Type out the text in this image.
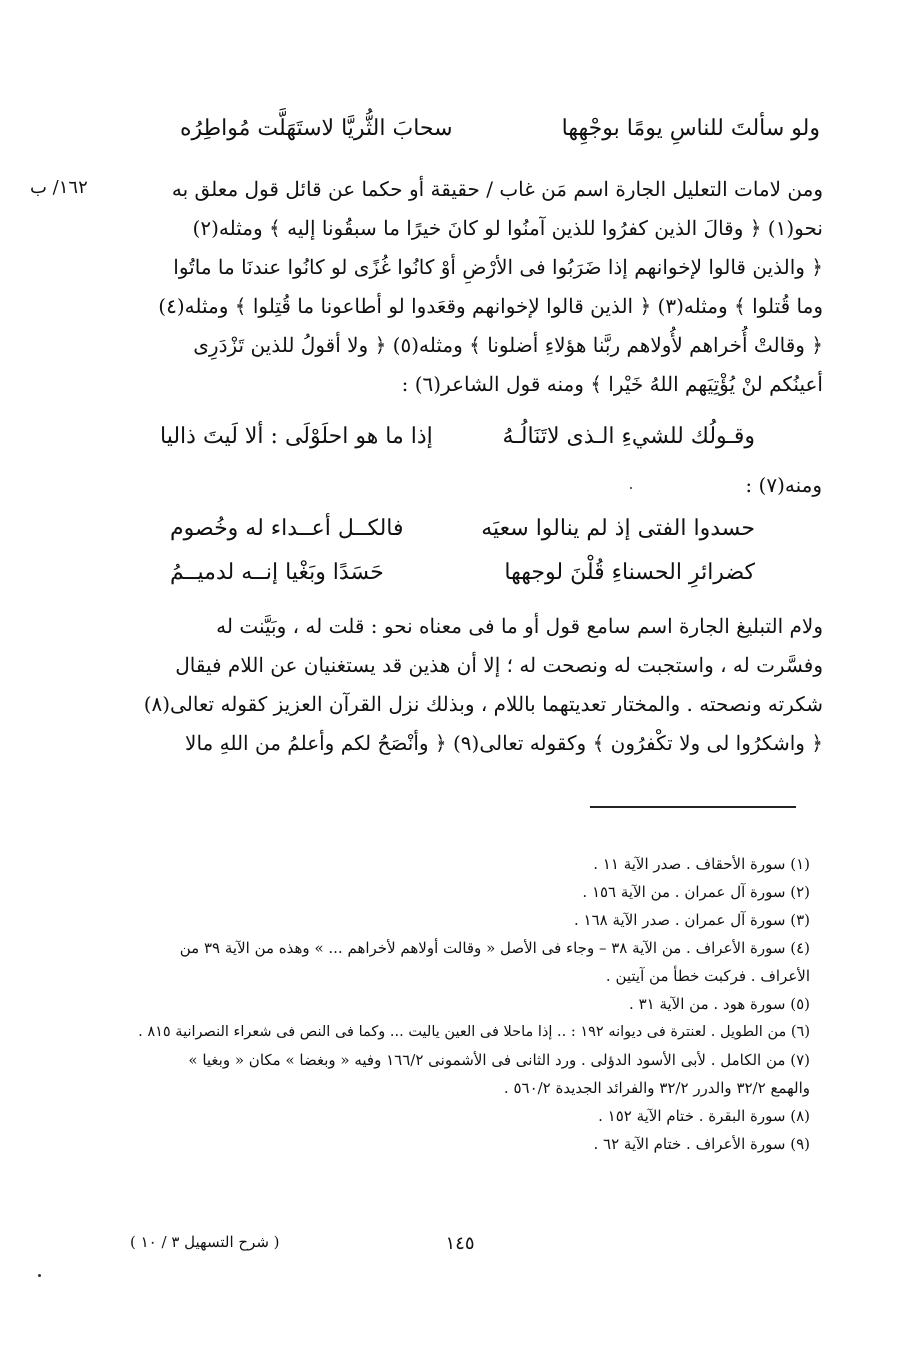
ولو سألتَ للناسِ يومًا بوجْهِها
سحابَ الثُّريَّا لاستَهَلَّت مُواطِرُه
١٦٢/ ب	ومن لامات التعليل الجارة اسم مَن غاب / حقيقة أو حكما عن قائل قول معلق به
نحو(١) ﴿ وقالَ الذين كفرُوا للذين آمنُوا لو كانَ خيرًا ما سبقُونا إليه ﴾ ومثله(٢)
﴿ والذين قالوا لإخوانهم إذا ضَرَبُوا فى الأرْضِ أوْ كانُوا غُزًى لو كانُوا عندنَا ما ماتُوا
وما قُتلوا ﴾ ومثله(٣) ﴿ الذين قالوا لإخوانهم وقعَدوا لو أطاعونا ما قُتِلوا ﴾ ومثله(٤)
﴿ وقالتْ أُخراهم لأُولاهم ربَّنا هؤلاءِ أضلونا ﴾ ومثله(٥) ﴿ ولا أقولُ للذين تَزْدَرِى
أعينُكم لنْ يُؤْتِيَهم اللهُ خَيْرا ﴾ ومنه قول الشاعر(٦) :
وقـولُك للشيءِ الـذى لاتَنَالُـهُ
إذا ما هو احلَوْلَى : ألا لَيتَ ذاليا
ومنه(٧) :
حسدوا الفتى إذ لم ينالوا سعيَه
فالكــل أعــداء له وخُصوم
كضرائرِ الحسناءِ قُلْنَ لوجهها
حَسَدًا وبَغْيا إنــه لدميــمُ
ولام التبليغ الجارة اسم سامع قول أو ما فى معناه نحو : قلت له ، وبَيَّنت له
وفسَّرت له ، واستجبت له ونصحت له ؛ إلا أن هذين قد يستغنيان عن اللام فيقال
شكرته ونصحته . والمختار تعديتهما باللام ، وبذلك نزل القرآن العزيز كقوله تعالى(٨)
﴿ واشكرُوا لى ولا تكْفرُون ﴾ وكقوله تعالى(٩) ﴿ وأنْصَحُ لكم وأعلمُ من اللهِ مالا
(١) سورة الأحقاف . صدر الآية ١١ .
(٢) سورة آل عمران . من الآية ١٥٦ .
(٣) سورة آل عمران . صدر الآية ١٦٨ .
(٤) سورة الأعراف . من الآية ٣٨ – وجاء فى الأصل « وقالت أولاهم لأخراهم ... » وهذه من الآية ٣٩ من
الأعراف . فركبت خطأ من آيتين .
(٥) سورة هود . من الآية ٣١ .
(٦) من الطويل . لعنترة فى ديوانه ١٩٢ : .. إذا ماحلا فى العين ياليت ... وكما فى النص فى شعراء النصرانية ٨١٥ .
(٧) من الكامل . لأبى الأسود الدؤلى . ورد الثانى فى الأشمونى ١٦٦/٢ وفيه « وبغضا » مكان « وبغيا »
والهمع ٣٢/٢ والدرر ٣٢/٢ والفرائد الجديدة ٥٦٠/٢ .
(٨) سورة البقرة . ختام الآية ١٥٢ .
(٩) سورة الأعراف . ختام الآية ٦٢ .
١٤٥
( شرح التسهيل ٣ / ١٠ )
